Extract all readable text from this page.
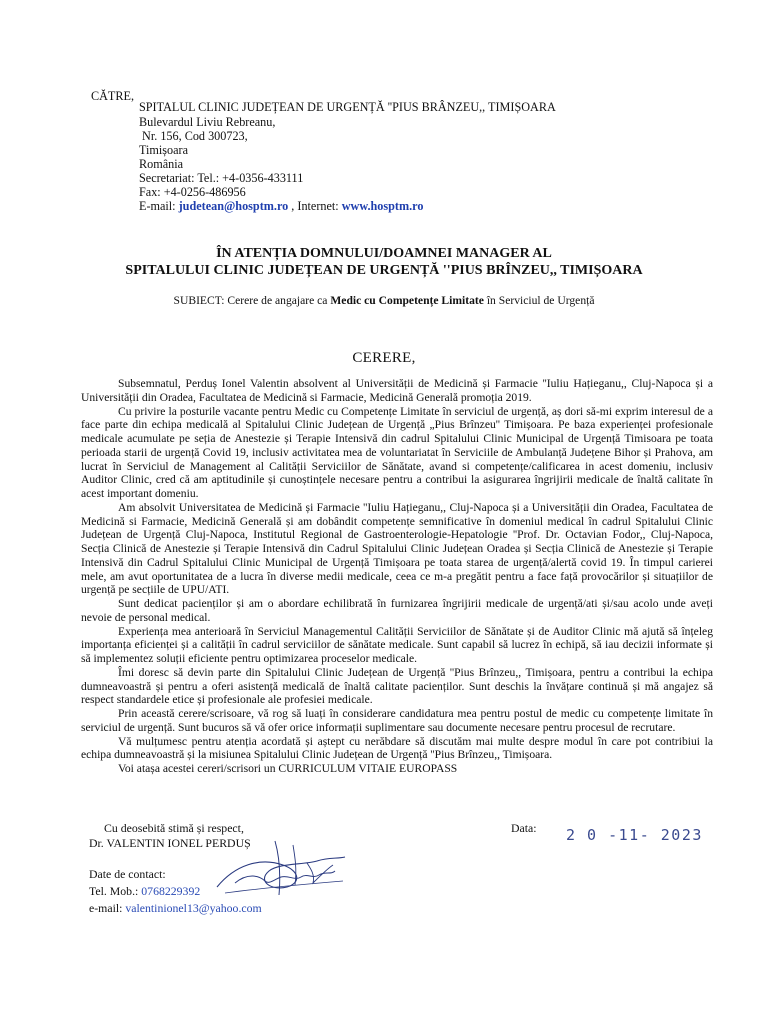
CĂTRE,
SPITALUL CLINIC JUDEȚEAN DE URGENȚĂ ''PIUS BRÂNZEU,, TIMIȘOARA
Bulevardul Liviu Rebreanu,
Nr. 156, Cod 300723,
Timișoara
România
Secretariat: Tel.: +4-0356-433111
Fax: +4-0256-486956
E-mail: judetean@hosptm.ro , Internet: www.hosptm.ro
ÎN ATENȚIA DOMNULUI/DOAMNEI MANAGER AL
SPITALULUI CLINIC JUDEȚEAN DE URGENȚĂ ''PIUS BRÎNZEU,, TIMIȘOARA
SUBIECT: Cerere de angajare ca Medic cu Competențe Limitate în Serviciul de Urgență
CERERE,

Subsemnatul, Perduș Ionel Valentin absolvent al Universității de Medicină și Farmacie ''Iuliu Hațieganu,, Cluj-Napoca și a Universității din Oradea, Facultatea de Medicină si Farmacie, Medicină Generală promoția 2019.

Cu privire la posturile vacante pentru Medic cu Competențe Limitate în serviciul de urgență, aș dori să-mi exprim interesul de a face parte din echipa medicală al Spitalului Clinic Județean de Urgență „Pius Brînzeu'' Timișoara. Pe baza experienței profesionale medicale acumulate pe seția de Anestezie și Terapie Intensivă din cadrul Spitalului Clinic Municipal de Urgență Timisoara pe toata perioada starii de urgență Covid 19, inclusiv activitatea mea de voluntariatat în Serviciile de Ambulanță Județene Bihor și Prahova, am lucrat în Serviciul de Management al Calității Serviciilor de Sănătate, avand si competențe/calificarea in acest domeniu, inclusiv Auditor Clinic, cred că am aptitudinile și cunoștințele necesare pentru a contribui la asigurarea îngrijirii medicale de înaltă calitate în acest important domeniu.

Am absolvit Universitatea de Medicină și Farmacie ''Iuliu Hațieganu,, Cluj-Napoca și a Universității din Oradea, Facultatea de Medicină si Farmacie, Medicină Generală și am dobândit competențe semnificative în domeniul medical în cadrul Spitalului Clinic Județean de Urgență Cluj-Napoca, Institutul Regional de Gastroenterologie-Hepatologie ''Prof. Dr. Octavian Fodor,, Cluj-Napoca, Secția Clinică de Anestezie și Terapie Intensivă din Cadrul Spitalului Clinic Județean Oradea și Secția Clinică de Anestezie și Terapie Intensivă din Cadrul Spitalului Clinic Municipal de Urgență Timișoara pe toata starea de urgență/alertă covid 19. În timpul carierei mele, am avut oportunitatea de a lucra în diverse medii medicale, ceea ce m-a pregătit pentru a face față provocărilor și situațiilor de urgență pe secțiile de UPU/ATI.

Sunt dedicat pacienților și am o abordare echilibrată în furnizarea îngrijirii medicale de urgență/ati și/sau acolo unde aveți nevoie de personal medical.

Experiența mea anterioară în Serviciul Managementul Calității Serviciilor de Sănătate și de Auditor Clinic mă ajută să înțeleg importanța eficienței și a calității în cadrul serviciilor de sănătate medicale. Sunt capabil să lucrez în echipă, să iau decizii informate și să implementez soluții eficiente pentru optimizarea proceselor medicale.

Îmi doresc să devin parte din Spitalului Clinic Județean de Urgență ''Pius Brînzeu,, Timișoara, pentru a contribui la echipa dumneavoastră și pentru a oferi asistență medicală de înaltă calitate pacienților. Sunt deschis la învățare continuă și mă angajez să respect standardele etice și profesionale ale profesiei medicale.

Prin această cerere/scrisoare, vă rog să luați în considerare candidatura mea pentru postul de medic cu competențe limitate în serviciul de urgență. Sunt bucuros să vă ofer orice informații suplimentare sau documente necesare pentru procesul de recrutare.

Vă mulțumesc pentru atenția acordată și aștept cu nerăbdare să discutăm mai multe despre modul în care pot contribiui la echipa dumneavoastră și la misiunea Spitalului Clinic Județean de Urgență ''Pius Brînzeu,, Timișoara.

Voi atașa acestei cereri/scrisori un CURRICULUM VITAIE EUROPASS

Cu deosebită stimă și respect,
Dr. VALENTIN IONEL PERDUȘ
Data: 2 0 -11- 2023
Date de contact:
Tel. Mob.: 0768229392
e-mail: valentinionel13@yahoo.com
